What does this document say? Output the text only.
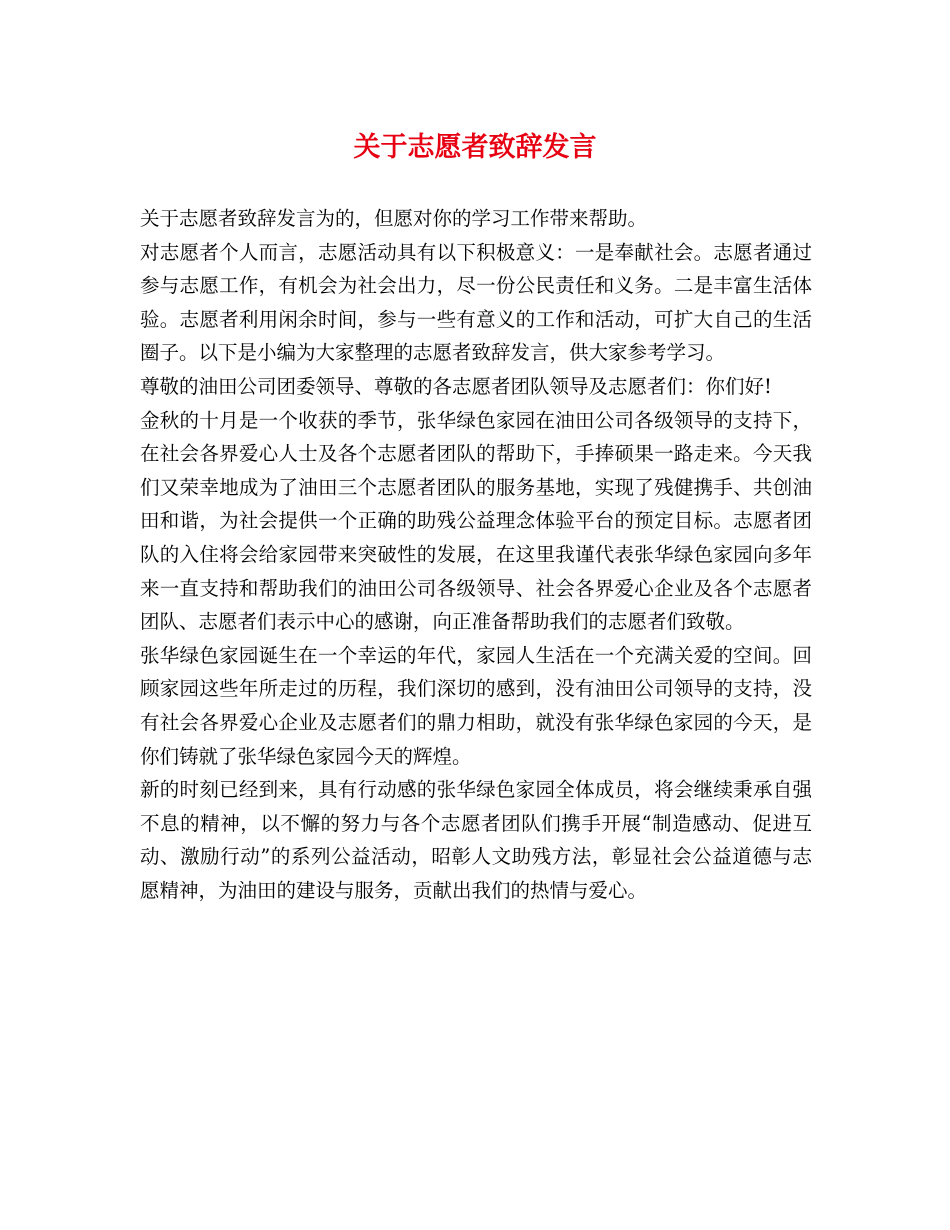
关于志愿者致辞发言

关于志愿者致辞发言为的，但愿对你的学习工作带来帮助。

对志愿者个人而言，志愿活动具有以下积极意义：一是奉献社会。志愿者通过参与志愿工作，有机会为社会出力，尽一份公民责任和义务。二是丰富生活体验。志愿者利用闲余时间，参与一些有意义的工作和活动，可扩大自己的生活圈子。以下是小编为大家整理的志愿者致辞发言，供大家参考学习。

尊敬的油田公司团委领导、尊敬的各志愿者团队领导及志愿者们：你们好!

金秋的十月是一个收获的季节，张华绿色家园在油田公司各级领导的支持下，在社会各界爱心人士及各个志愿者团队的帮助下，手捧硕果一路走来。今天我们又荣幸地成为了油田三个志愿者团队的服务基地，实现了残健携手、共创油田和谐，为社会提供一个正确的助残公益理念体验平台的预定目标。志愿者团队的入住将会给家园带来突破性的发展，在这里我谨代表张华绿色家园向多年来一直支持和帮助我们的油田公司各级领导、社会各界爱心企业及各个志愿者团队、志愿者们表示中心的感谢，向正准备帮助我们的志愿者们致敬。

张华绿色家园诞生在一个幸运的年代，家园人生活在一个充满关爱的空间。回顾家园这些年所走过的历程，我们深切的感到，没有油田公司领导的支持，没有社会各界爱心企业及志愿者们的鼎力相助，就没有张华绿色家园的今天，是你们铸就了张华绿色家园今天的辉煌。

新的时刻已经到来，具有行动感的张华绿色家园全体成员，将会继续秉承自强不息的精神，以不懈的努力与各个志愿者团队们携手开展“制造感动、促进互动、激励行动”的系列公益活动，昭彰人文助残方法，彰显社会公益道德与志愿精神，为油田的建设与服务，贡献出我们的热情与爱心。
